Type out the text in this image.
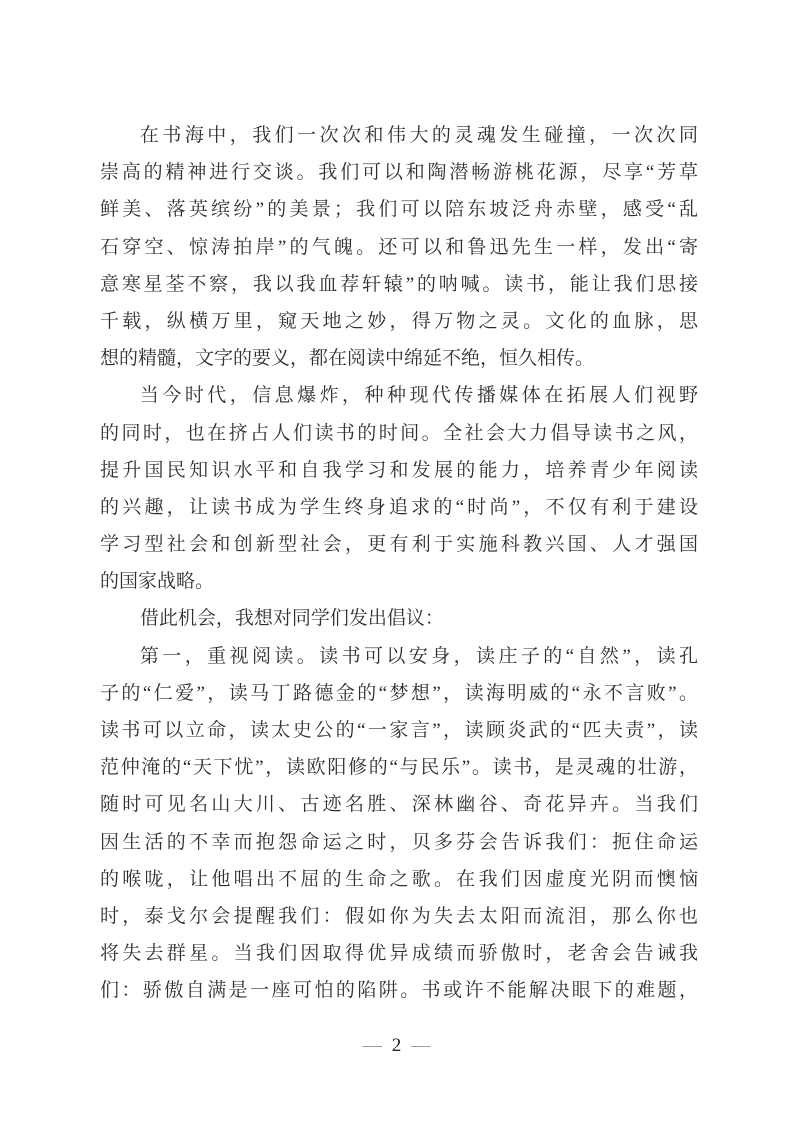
在书海中，我们一次次和伟大的灵魂发生碰撞，一次次同
崇高的精神进行交谈。我们可以和陶潜畅游桃花源，尽享“芳草
鲜美、落英缤纷”的美景；我们可以陪东坡泛舟赤壁，感受“乱
石穿空、惊涛拍岸”的气魄。还可以和鲁迅先生一样，发出“寄
意寒星荃不察，我以我血荐轩辕”的呐喊。读书，能让我们思接
千载，纵横万里，窥天地之妙，得万物之灵。文化的血脉，思
想的精髓，文字的要义，都在阅读中绵延不绝，恒久相传。
当今时代，信息爆炸，种种现代传播媒体在拓展人们视野
的同时，也在挤占人们读书的时间。全社会大力倡导读书之风，
提升国民知识水平和自我学习和发展的能力，培养青少年阅读
的兴趣，让读书成为学生终身追求的“时尚”，不仅有利于建设
学习型社会和创新型社会，更有利于实施科教兴国、人才强国
的国家战略。
借此机会，我想对同学们发出倡议：
第一，重视阅读。读书可以安身，读庄子的“自然”，读孔
子的“仁爱”，读马丁路德金的“梦想”，读海明威的“永不言败”。
读书可以立命，读太史公的“一家言”，读顾炎武的“匹夫责”，读
范仲淹的“天下忧”，读欧阳修的“与民乐”。读书，是灵魂的壮游，
随时可见名山大川、古迹名胜、深林幽谷、奇花异卉。当我们
因生活的不幸而抱怨命运之时，贝多芬会告诉我们：扼住命运
的喉咙，让他唱出不屈的生命之歌。在我们因虚度光阴而懊恼
时，泰戈尔会提醒我们：假如你为失去太阳而流泪，那么你也
将失去群星。当我们因取得优异成绩而骄傲时，老舍会告诫我
们：骄傲自满是一座可怕的陷阱。书或许不能解决眼下的难题，
— 2 —
